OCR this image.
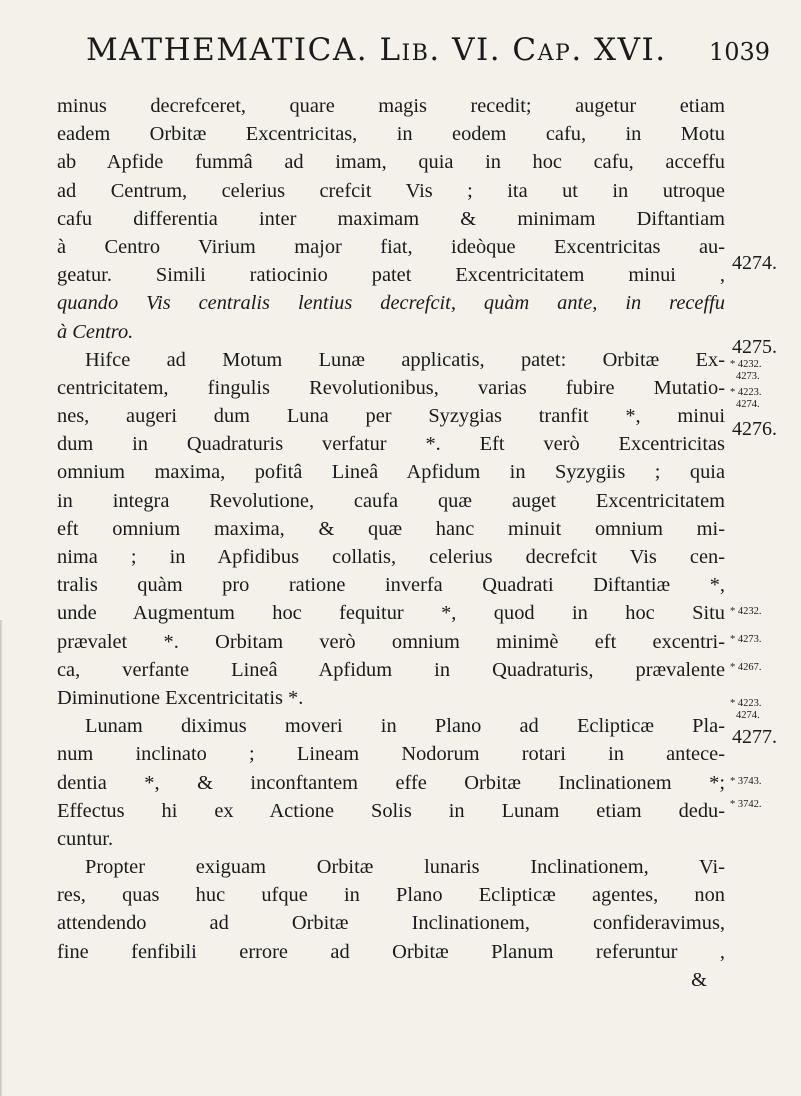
MATHEMATICA. Lib. VI. Cap. XVI. 1039
minus decrefceret, quare magis recedit; augetur etiam
eadem Orbitæ Excentricitas, in eodem cafu, in Motu
ab Apfide fummâ ad imam, quia in hoc cafu, acceffu
ad Centrum, celerius crefcit Vis ; ita ut in utroque
cafu differentia inter maximam & minimam Diftantiam
à Centro Virium major fiat, ideòque Excentricitas au-
geatur. Simili ratiocinio patet Excentricitatem minui ,
quando Vis centralis lentius decrefcit, quàm ante, in receffu
à Centro.
Hifce ad Motum Lunæ applicatis, patet: Orbitæ Ex-
centricitatem, fingulis Revolutionibus, varias fubire Mutatio-
nes, augeri dum Luna per Syzygias tranfit *, minui
dum in Quadraturis verfatur *. Eft verò Excentricitas
omnium maxima, pofitâ Lineâ Apfidum in Syzygiis ; quia
in integra Revolutione, caufa quæ auget Excentricitatem
eft omnium maxima, & quæ hanc minuit omnium mi-
nima ; in Apfidibus collatis, celerius decrefcit Vis cen-
tralis quàm pro ratione inverfa Quadrati Diftantiæ *,
unde Augmentum hoc fequitur *, quod in hoc Situ
prævalet *. Orbitam verò omnium minimè eft excentri-
ca, verfante Lineâ Apfidum in Quadraturis, prævalente
Diminutione Excentricitatis *.
Lunam diximus moveri in Plano ad Eclipticæ Pla-
num inclinato ; Lineam Nodorum rotari in antece-
dentia *, & inconftantem effe Orbitæ Inclinationem *;
Effectus hi ex Actione Solis in Lunam etiam dedu-
cuntur.
Propter exiguam Orbitæ lunaris Inclinationem, Vi-
res, quas huc ufque in Plano Eclipticæ agentes, non
attendendo ad Orbitæ Inclinationem, confideravimus,
fine fenfibili errore ad Orbitæ Planum referuntur ,
&
4274.
4275.
* 4232.
4273.
* 4223.
4274.
4276.
* 4232.
* 4273.
* 4267.
* 4223.
4274.
4277.
* 3743.
* 3742.
